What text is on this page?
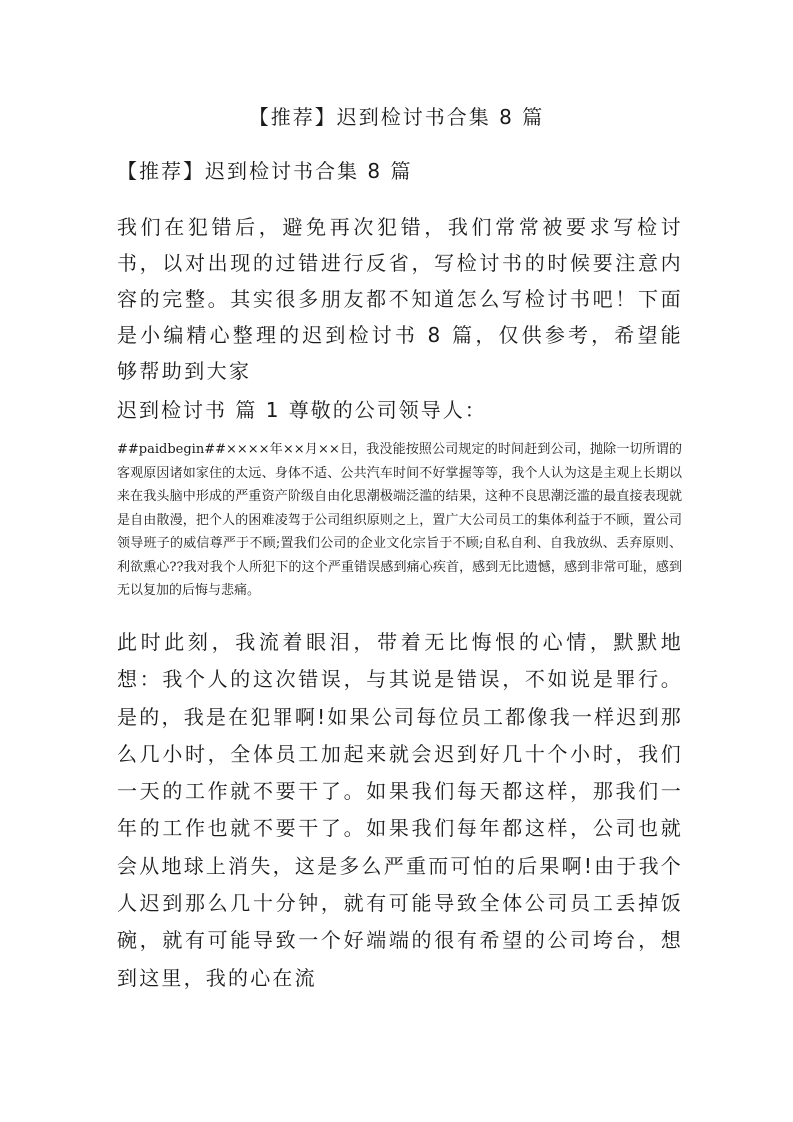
【推荐】迟到检讨书合集 8 篇
【推荐】迟到检讨书合集 8 篇

我们在犯错后，避免再次犯错，我们常常被要求写检讨书，以对出现的过错进行反省，写检讨书的时候要注意内容的完整。其实很多朋友都不知道怎么写检讨书吧！下面是小编精心整理的迟到检讨书 8 篇，仅供参考，希望能够帮助到大家

迟到检讨书 篇 1 尊敬的公司领导人：
##paidbegin##××××年××月××日，我没能按照公司规定的时间赶到公司，抛除一切所谓的客观原因诸如家住的太远、身体不适、公共汽车时间不好掌握等等，我个人认为这是主观上长期以来在我头脑中形成的严重资产阶级自由化思潮极端泛滥的结果，这种不良思潮泛滥的最直接表现就是自由散漫，把个人的困难凌驾于公司组织原则之上，置广大公司员工的集体利益于不顾，置公司领导班子的威信尊严于不顾;置我们公司的企业文化宗旨于不顾;自私自利、自我放纵、丢弃原则、利欲熏心??我对我个人所犯下的这个严重错误感到痛心疾首，感到无比遗憾，感到非常可耻，感到无以复加的后悔与悲痛。

此时此刻，我流着眼泪，带着无比悔恨的心情，默默地想：我个人的这次错误，与其说是错误，不如说是罪行。是的，我是在犯罪啊!如果公司每位员工都像我一样迟到那么几小时，全体员工加起来就会迟到好几十个小时，我们一天的工作就不要干了。如果我们每天都这样，那我们一年的工作也就不要干了。如果我们每年都这样，公司也就会从地球上消失，这是多么严重而可怕的后果啊!由于我个人迟到那么几十分钟，就有可能导致全体公司员工丢掉饭碗，就有可能导致一个好端端的很有希望的公司垮台，想到这里，我的心在流
